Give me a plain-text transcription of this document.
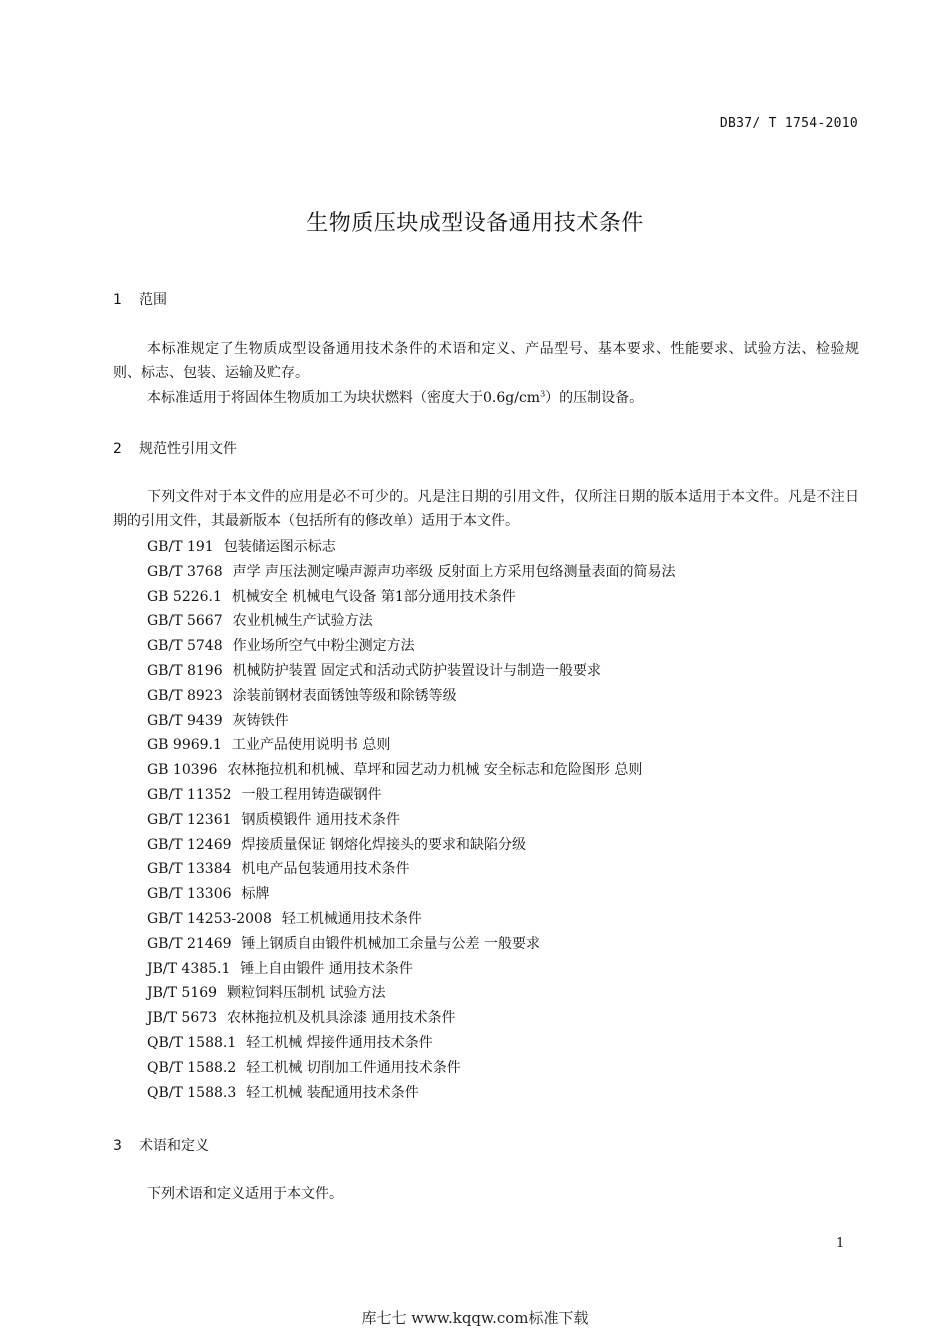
DB37/ T 1754-2010
生物质压块成型设备通用技术条件
1 范围
本标准规定了生物质成型设备通用技术条件的术语和定义、产品型号、基本要求、性能要求、试验方法、检验规则、标志、包装、运输及贮存。
本标准适用于将固体生物质加工为块状燃料（密度大于$0.6g/cm^3$）的压制设备。
2 规范性引用文件
下列文件对于本文件的应用是必不可少的。凡是注日期的引用文件，仅所注日期的版本适用于本文件。凡是不注日期的引用文件，其最新版本（包括所有的修改单）适用于本文件。
GB/T 191 包装储运图示标志
GB/T 3768 声学 声压法测定噪声源声功率级 反射面上方采用包络测量表面的简易法
GB 5226.1 机械安全 机械电气设备 第1部分通用技术条件
GB/T 5667 农业机械生产试验方法
GB/T 5748 作业场所空气中粉尘测定方法
GB/T 8196 机械防护装置 固定式和活动式防护装置设计与制造一般要求
GB/T 8923 涂装前钢材表面锈蚀等级和除锈等级
GB/T 9439 灰铸铁件
GB 9969.1 工业产品使用说明书 总则
GB 10396 农林拖拉机和机械、草坪和园艺动力机械 安全标志和危险图形 总则
GB/T 11352 一般工程用铸造碳钢件
GB/T 12361 钢质模锻件 通用技术条件
GB/T 12469 焊接质量保证 钢熔化焊接头的要求和缺陷分级
GB/T 13384 机电产品包装通用技术条件
GB/T 13306 标牌
GB/T 14253-2008 轻工机械通用技术条件
GB/T 21469 锤上钢质自由锻件机械加工余量与公差 一般要求
JB/T 4385.1 锤上自由锻件 通用技术条件
JB/T 5169 颗粒饲料压制机 试验方法
JB/T 5673 农林拖拉机及机具涂漆 通用技术条件
QB/T 1588.1 轻工机械 焊接件通用技术条件
QB/T 1588.2 轻工机械 切削加工件通用技术条件
QB/T 1588.3 轻工机械 装配通用技术条件
3 术语和定义
下列术语和定义适用于本文件。
1
库七七 www.kqqw.com标准下载
